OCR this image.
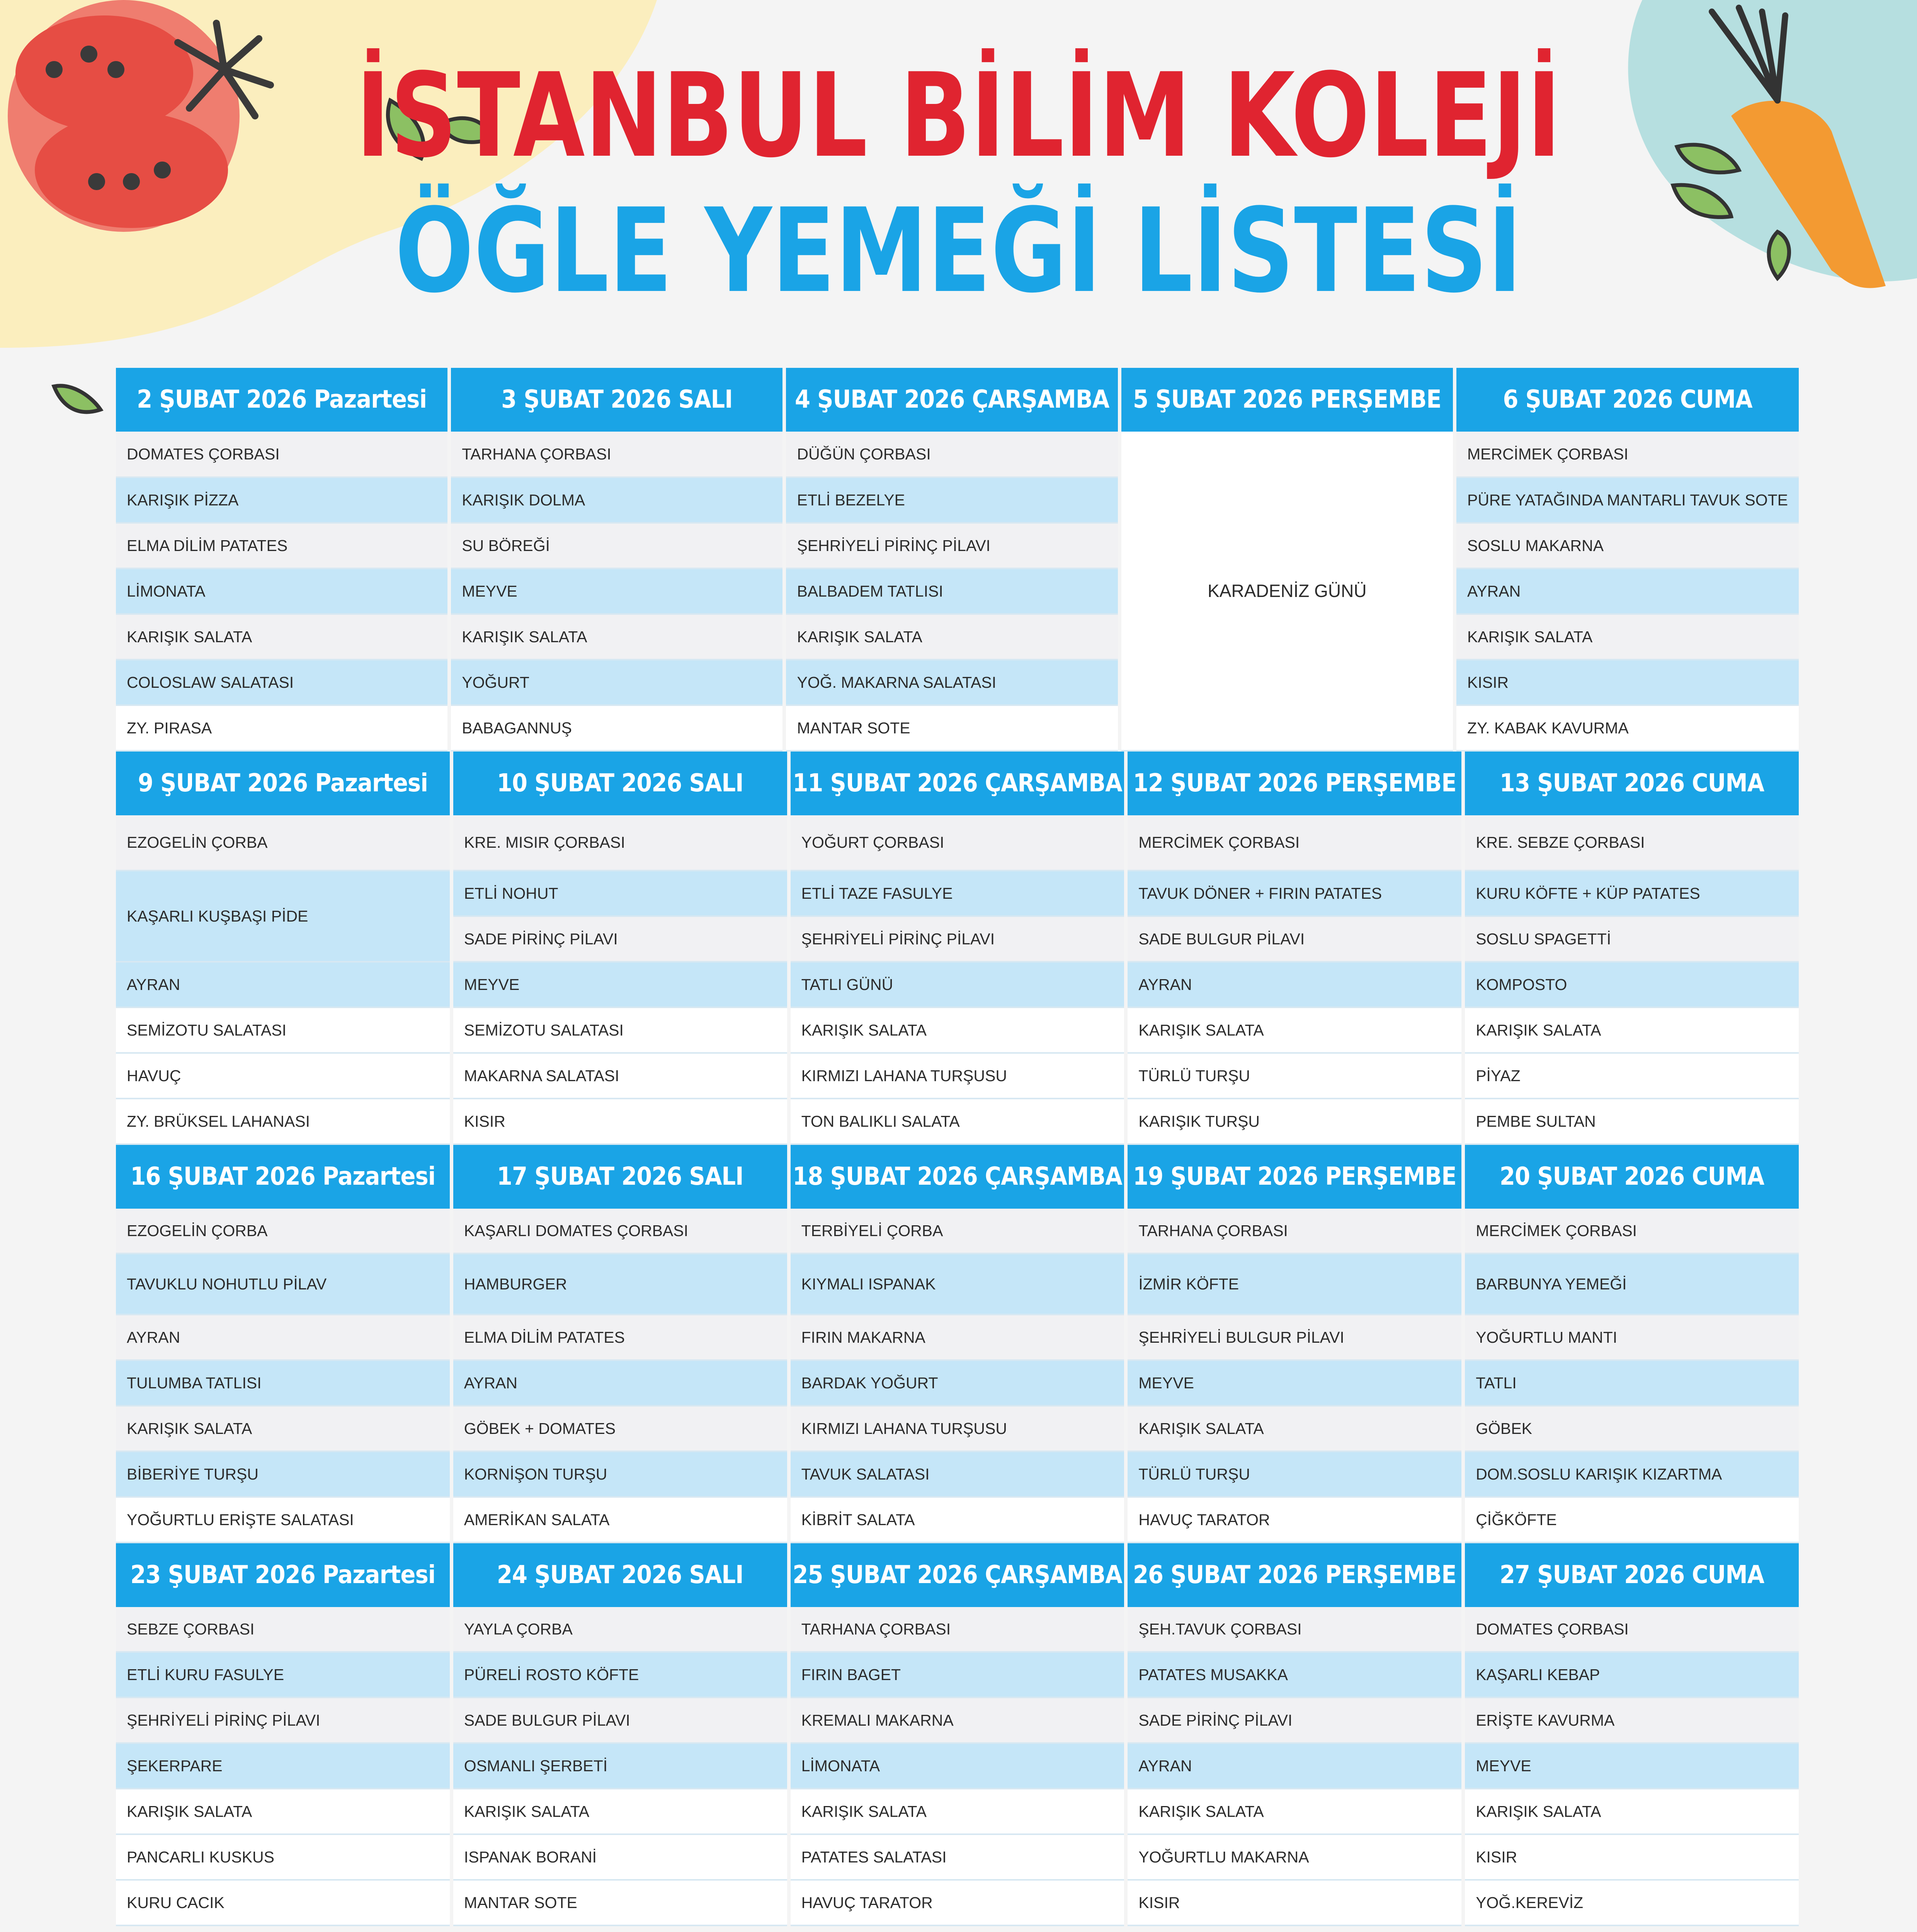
İSTANBUL BİLİM KOLEJİ
ÖĞLE YEMEĞİ LİSTESİ
2 ŞUBAT 2026 Pazartesi
DOMATES ÇORBASI
KARIŞIK PİZZA
ELMA DİLİM PATATES
LİMONATA
KARIŞIK SALATA
COLOSLAW SALATASI
ZY. PIRASA
3 ŞUBAT 2026 SALI
TARHANA ÇORBASI
KARIŞIK DOLMA
SU BÖREĞİ
MEYVE
KARIŞIK SALATA
YOĞURT
BABAGANNUŞ
4 ŞUBAT 2026 ÇARŞAMBA
DÜĞÜN ÇORBASI
ETLİ BEZELYE
ŞEHRİYELİ PİRİNÇ PİLAVI
BALBADEM TATLISI
KARIŞIK SALATA
YOĞ. MAKARNA SALATASI
MANTAR SOTE
5 ŞUBAT 2026 PERŞEMBE
KARADENİZ GÜNÜ
6 ŞUBAT 2026 CUMA
MERCİMEK ÇORBASI
PÜRE YATAĞINDA MANTARLI TAVUK SOTE
SOSLU MAKARNA
AYRAN
KARIŞIK SALATA
KISIR
ZY. KABAK KAVURMA
9 ŞUBAT 2026 Pazartesi
EZOGELİN ÇORBA
KAŞARLI KUŞBAŞI PİDE
AYRAN
SEMİZOTU SALATASI
HAVUÇ
ZY. BRÜKSEL LAHANASI
10 ŞUBAT 2026 SALI
KRE. MISIR ÇORBASI
ETLİ NOHUT
SADE PİRİNÇ PİLAVI
MEYVE
SEMİZOTU SALATASI
MAKARNA SALATASI
KISIR
11 ŞUBAT 2026 ÇARŞAMBA
YOĞURT ÇORBASI
ETLİ TAZE FASULYE
ŞEHRİYELİ PİRİNÇ PİLAVI
TATLI GÜNÜ
KARIŞIK SALATA
KIRMIZI LAHANA TURŞUSU
TON BALIKLI SALATA
12 ŞUBAT 2026 PERŞEMBE
MERCİMEK ÇORBASI
TAVUK DÖNER + FIRIN PATATES
SADE BULGUR PİLAVI
AYRAN
KARIŞIK SALATA
TÜRLÜ TURŞU
KARIŞIK TURŞU
13 ŞUBAT 2026 CUMA
KRE. SEBZE ÇORBASI
KURU KÖFTE + KÜP PATATES
SOSLU SPAGETTİ
KOMPOSTO
KARIŞIK SALATA
PİYAZ
PEMBE SULTAN
16 ŞUBAT 2026 Pazartesi
EZOGELİN ÇORBA
TAVUKLU NOHUTLU PİLAV
AYRAN
TULUMBA TATLISI
KARIŞIK SALATA
BİBERİYE TURŞU
YOĞURTLU ERİŞTE SALATASI
17 ŞUBAT 2026 SALI
KAŞARLI DOMATES ÇORBASI
HAMBURGER
ELMA DİLİM PATATES
AYRAN
GÖBEK + DOMATES
KORNİŞON TURŞU
AMERİKAN SALATA
18 ŞUBAT 2026 ÇARŞAMBA
TERBİYELİ ÇORBA
KIYMALI ISPANAK
FIRIN MAKARNA
BARDAK YOĞURT
KIRMIZI LAHANA TURŞUSU
TAVUK SALATASI
KİBRİT SALATA
19 ŞUBAT 2026 PERŞEMBE
TARHANA ÇORBASI
İZMİR KÖFTE
ŞEHRİYELİ BULGUR PİLAVI
MEYVE
KARIŞIK SALATA
TÜRLÜ TURŞU
HAVUÇ TARATOR
20 ŞUBAT 2026 CUMA
MERCİMEK ÇORBASI
BARBUNYA YEMEĞİ
YOĞURTLU MANTI
TATLI
GÖBEK
DOM.SOSLU KARIŞIK KIZARTMA
ÇİĞKÖFTE
23 ŞUBAT 2026 Pazartesi
SEBZE ÇORBASI
ETLİ KURU FASULYE
ŞEHRİYELİ PİRİNÇ PİLAVI
ŞEKERPARE
KARIŞIK SALATA
PANCARLI KUSKUS
KURU CACIK
24 ŞUBAT 2026 SALI
YAYLA ÇORBA
PÜRELİ ROSTO KÖFTE
SADE BULGUR PİLAVI
OSMANLI ŞERBETİ
KARIŞIK SALATA
ISPANAK BORANİ
MANTAR SOTE
25 ŞUBAT 2026 ÇARŞAMBA
TARHANA ÇORBASI
FIRIN BAGET
KREMALI MAKARNA
LİMONATA
KARIŞIK SALATA
PATATES SALATASI
HAVUÇ TARATOR
26 ŞUBAT 2026 PERŞEMBE
ŞEH.TAVUK ÇORBASI
PATATES MUSAKKA
SADE PİRİNÇ PİLAVI
AYRAN
KARIŞIK SALATA
YOĞURTLU MAKARNA
KISIR
27 ŞUBAT 2026 CUMA
DOMATES ÇORBASI
KAŞARLI KEBAP
ERİŞTE KAVURMA
MEYVE
KARIŞIK SALATA
KISIR
YOĞ.KEREVİZ
